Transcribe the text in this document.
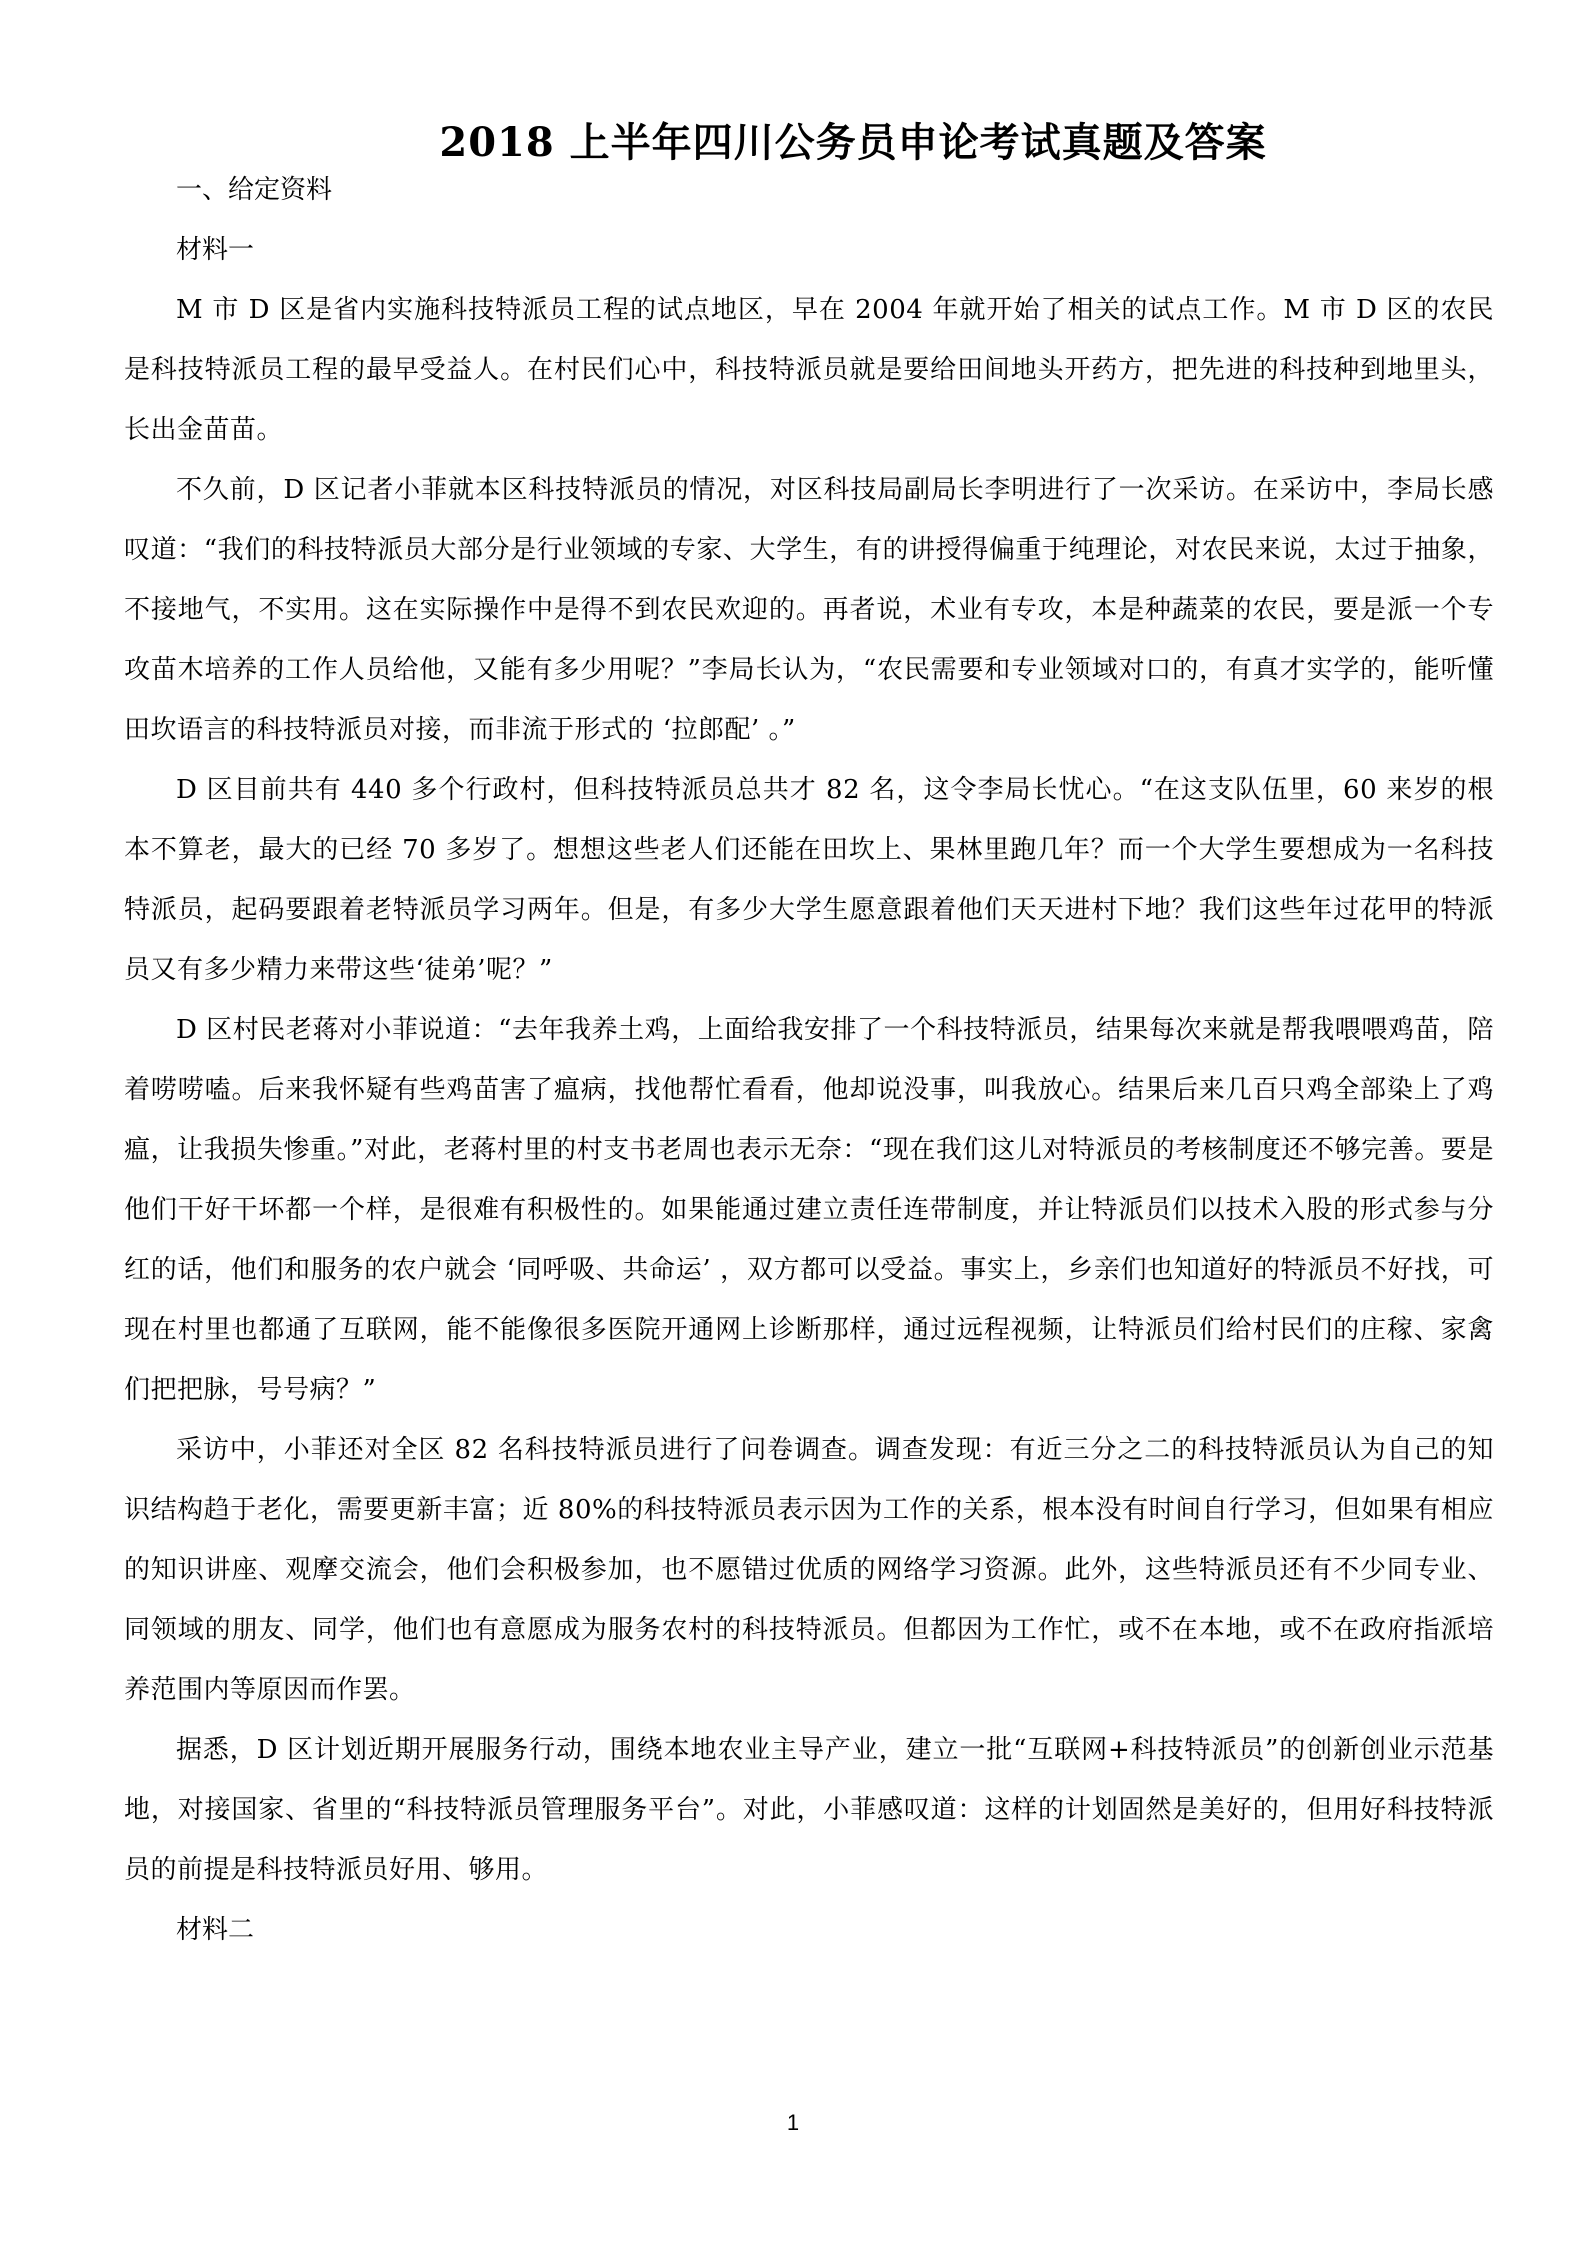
2018 上半年四川公务员申论考试真题及答案

一、给定资料

材料一

M 市 D 区是省内实施科技特派员工程的试点地区，早在 2004 年就开始了相关的试点工作。M 市 D 区的农民是科技特派员工程的最早受益人。在村民们心中，科技特派员就是要给田间地头开药方，把先进的科技种到地里头，长出金苗苗。

不久前，D 区记者小菲就本区科技特派员的情况，对区科技局副局长李明进行了一次采访。在采访中，李局长感叹道：“我们的科技特派员大部分是行业领域的专家、大学生，有的讲授得偏重于纯理论，对农民来说，太过于抽象，不接地气，不实用。这在实际操作中是得不到农民欢迎的。再者说，术业有专攻，本是种蔬菜的农民，要是派一个专攻苗木培养的工作人员给他，又能有多少用呢？”李局长认为，“农民需要和专业领域对口的，有真才实学的，能听懂田坎语言的科技特派员对接，而非流于形式的 ‘拉郎配’ 。”

D 区目前共有 440 多个行政村，但科技特派员总共才 82 名，这令李局长忧心。“在这支队伍里，60 来岁的根本不算老，最大的已经 70 多岁了。想想这些老人们还能在田坎上、果林里跑几年？而一个大学生要想成为一名科技特派员，起码要跟着老特派员学习两年。但是，有多少大学生愿意跟着他们天天进村下地？我们这些年过花甲的特派员又有多少精力来带这些‘徒弟’呢？”

D 区村民老蒋对小菲说道：“去年我养土鸡，上面给我安排了一个科技特派员，结果每次来就是帮我喂喂鸡苗，陪着唠唠嗑。后来我怀疑有些鸡苗害了瘟病，找他帮忙看看，他却说没事，叫我放心。结果后来几百只鸡全部染上了鸡瘟，让我损失惨重。”对此，老蒋村里的村支书老周也表示无奈：“现在我们这儿对特派员的考核制度还不够完善。要是他们干好干坏都一个样，是很难有积极性的。如果能通过建立责任连带制度，并让特派员们以技术入股的形式参与分红的话，他们和服务的农户就会 ‘同呼吸、共命运’ ，双方都可以受益。事实上，乡亲们也知道好的特派员不好找，可现在村里也都通了互联网，能不能像很多医院开通网上诊断那样，通过远程视频，让特派员们给村民们的庄稼、家禽们把把脉，号号病？”

采访中，小菲还对全区 82 名科技特派员进行了问卷调查。调查发现：有近三分之二的科技特派员认为自己的知识结构趋于老化，需要更新丰富；近 80%的科技特派员表示因为工作的关系，根本没有时间自行学习，但如果有相应的知识讲座、观摩交流会，他们会积极参加，也不愿错过优质的网络学习资源。此外，这些特派员还有不少同专业、同领域的朋友、同学，他们也有意愿成为服务农村的科技特派员。但都因为工作忙，或不在本地，或不在政府指派培养范围内等原因而作罢。

据悉，D 区计划近期开展服务行动，围绕本地农业主导产业，建立一批“互联网+科技特派员”的创新创业示范基地，对接国家、省里的“科技特派员管理服务平台”。对此，小菲感叹道：这样的计划固然是美好的，但用好科技特派员的前提是科技特派员好用、够用。

材料二

1
